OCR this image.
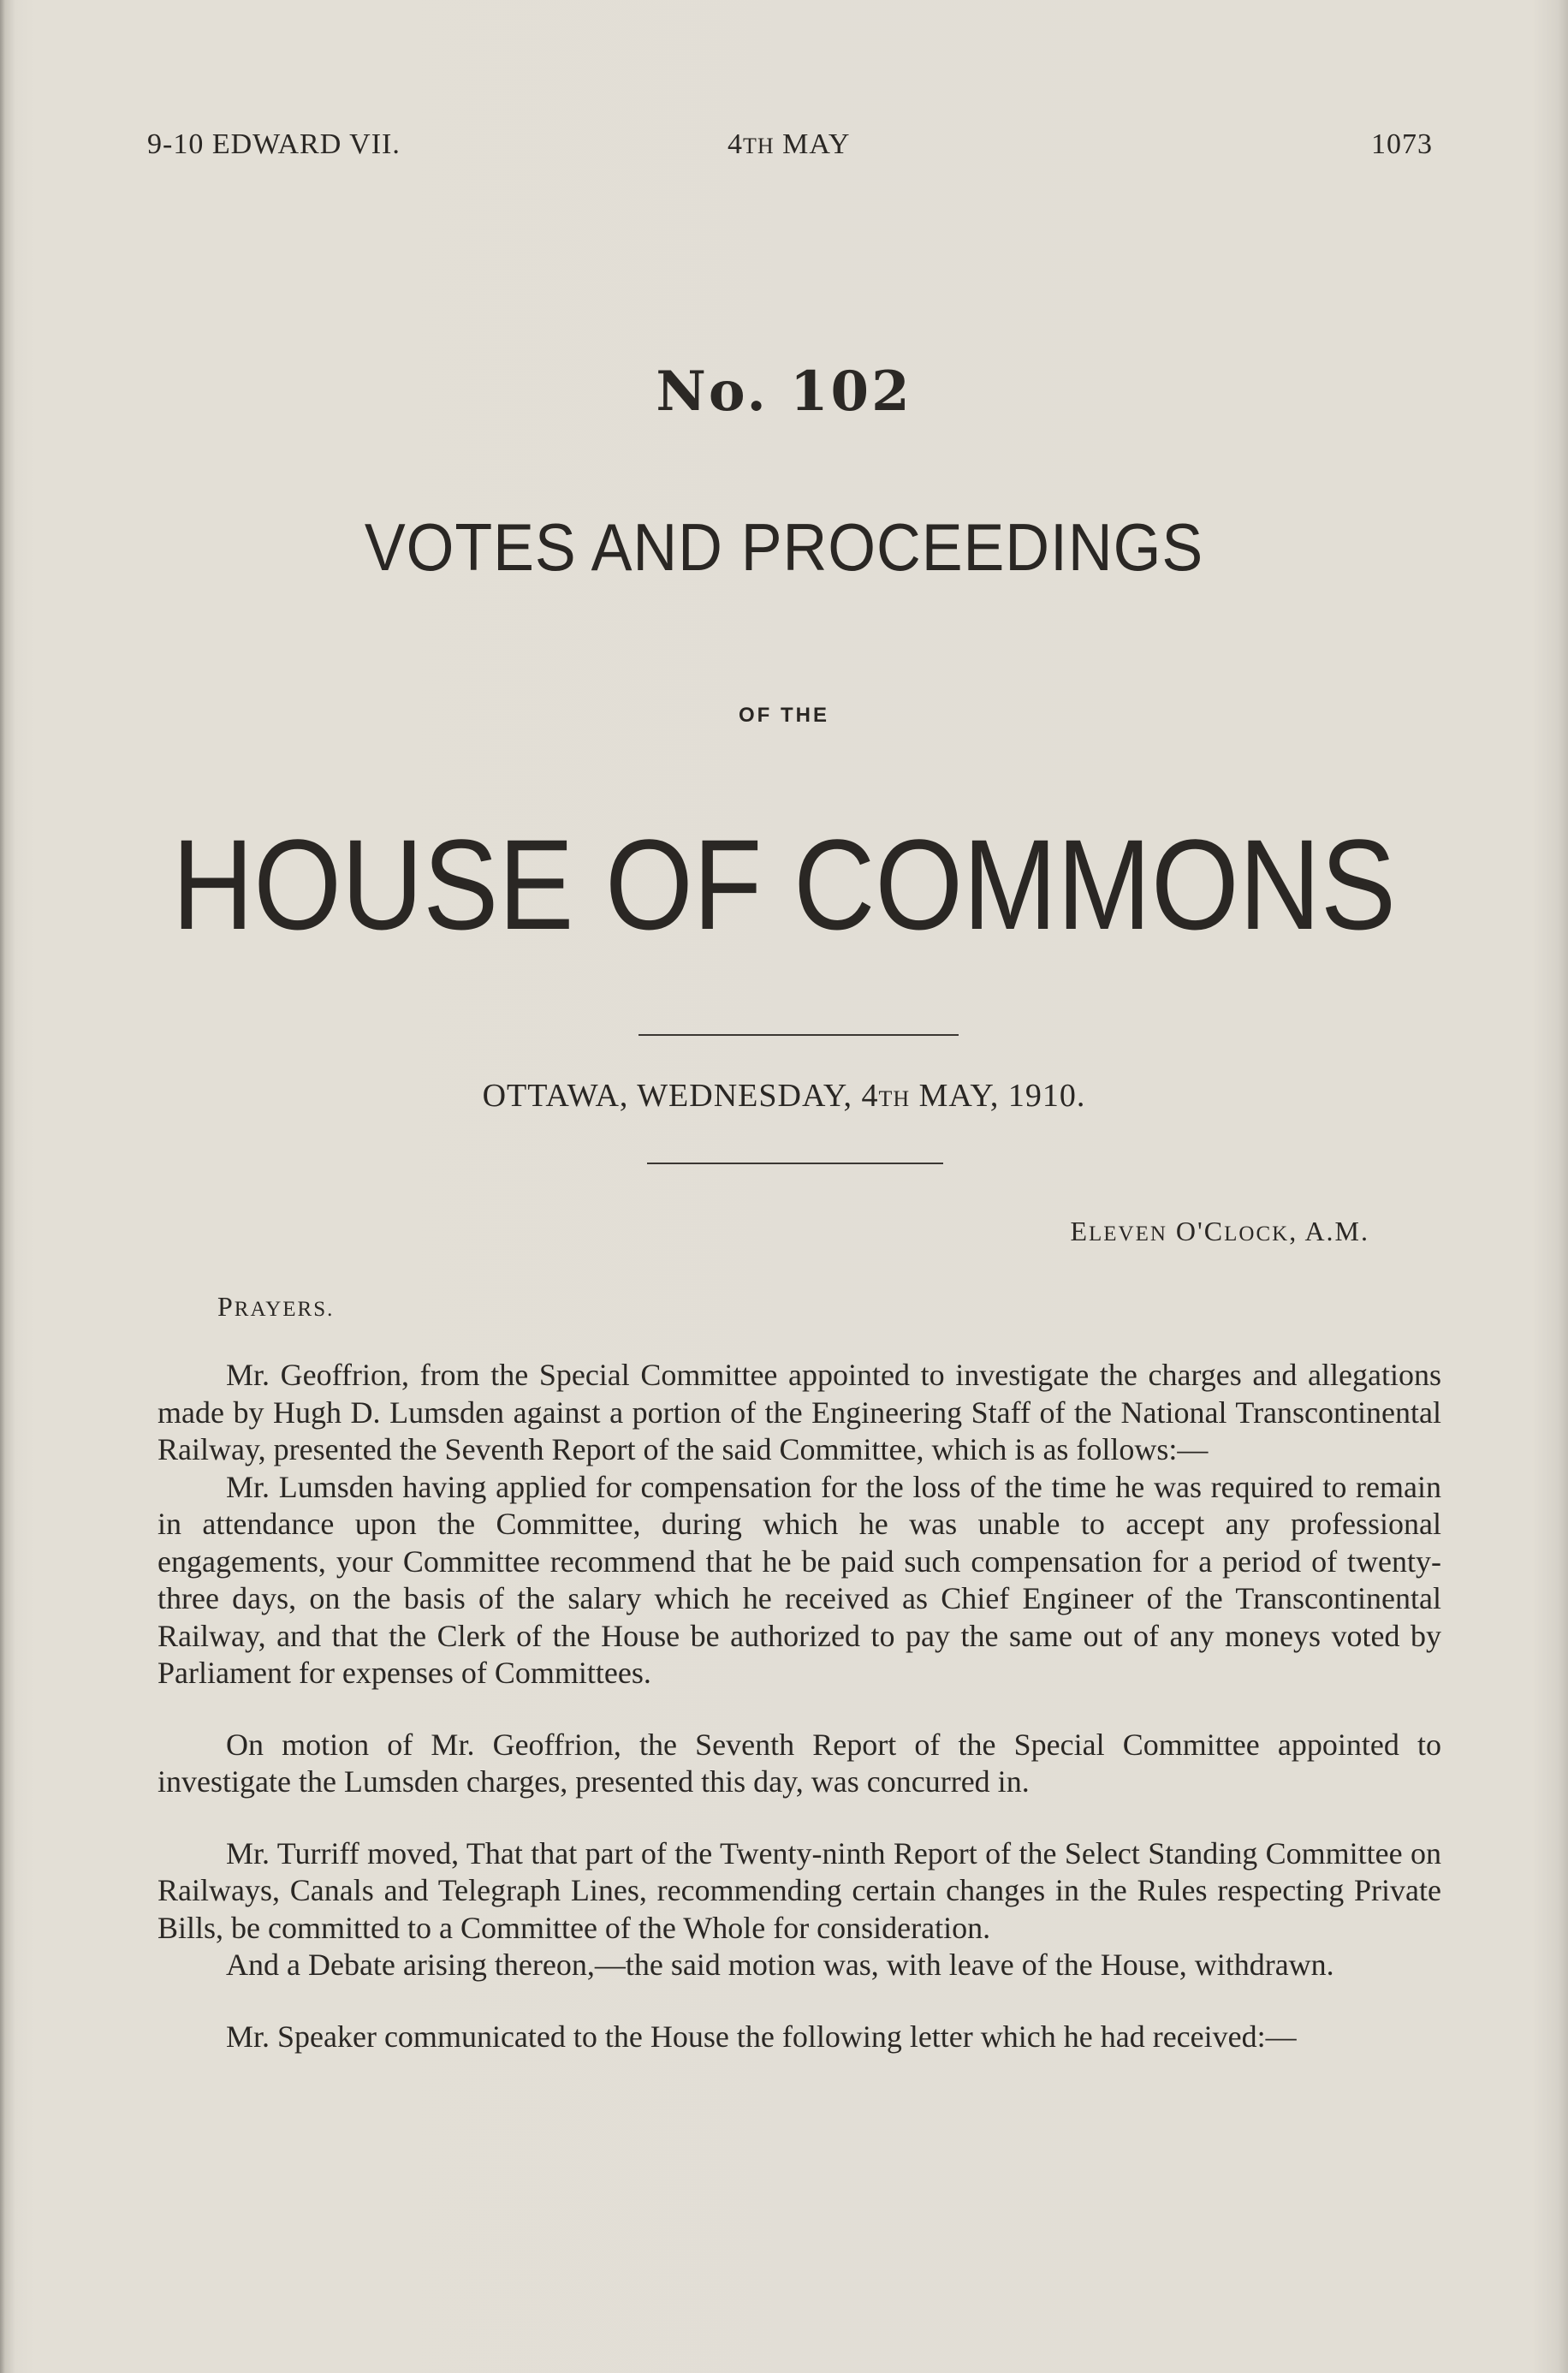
9-10 EDWARD VII.	4TH MAY	1073
No. 102
VOTES AND PROCEEDINGS
OF THE
HOUSE OF COMMONS
OTTAWA, WEDNESDAY, 4TH MAY, 1910.
ELEVEN O'CLOCK, A.M.
PRAYERS.

Mr. Geoffrion, from the Special Committee appointed to investigate the charges and allegations made by Hugh D. Lumsden against a portion of the Engineering Staff of the National Transcontinental Railway, presented the Seventh Report of the said Committee, which is as follows:—

Mr. Lumsden having applied for compensation for the loss of the time he was required to remain in attendance upon the Committee, during which he was unable to accept any professional engagements, your Committee recommend that he be paid such compensation for a period of twenty-three days, on the basis of the salary which he received as Chief Engineer of the Transcontinental Railway, and that the Clerk of the House be authorized to pay the same out of any moneys voted by Parliament for expenses of Committees.

On motion of Mr. Geoffrion, the Seventh Report of the Special Committee appointed to investigate the Lumsden charges, presented this day, was concurred in.

Mr. Turriff moved, That that part of the Twenty-ninth Report of the Select Standing Committee on Railways, Canals and Telegraph Lines, recommending certain changes in the Rules respecting Private Bills, be committed to a Committee of the Whole for consideration.

And a Debate arising thereon,—the said motion was, with leave of the House, withdrawn.

Mr. Speaker communicated to the House the following letter which he had received:—
